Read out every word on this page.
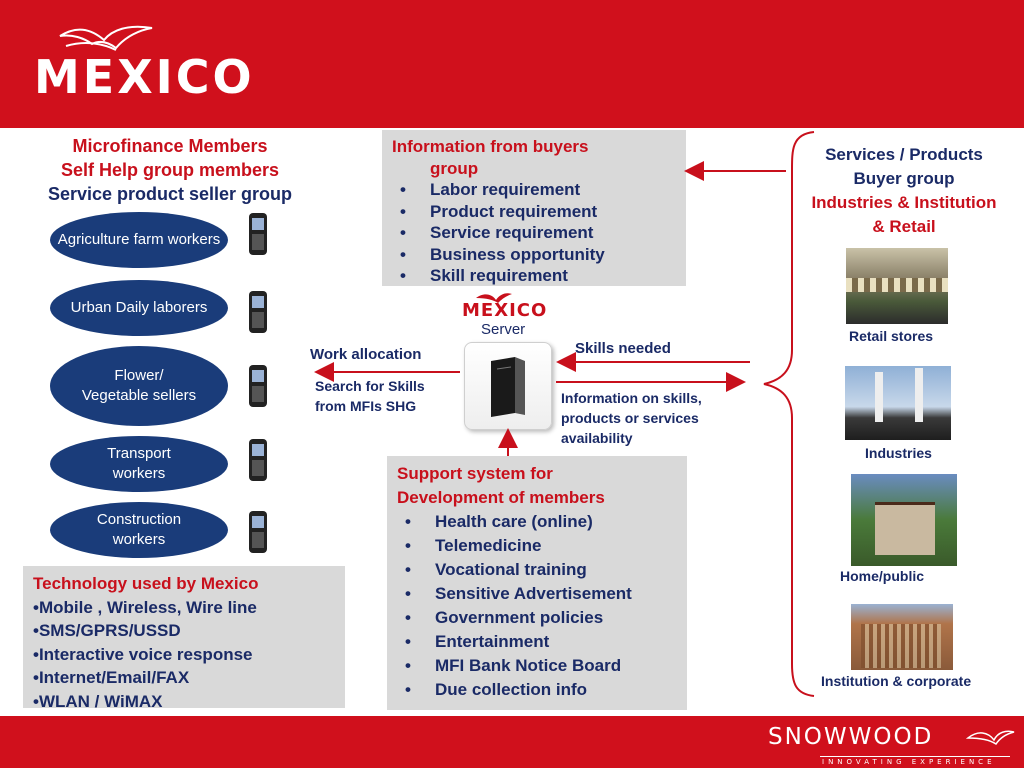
MEXICO
Microfinance Members
Self Help group members
Service product seller group
Agriculture farm workers
Urban Daily laborers
Flower/ Vegetable sellers
Transport workers
Construction workers
Technology used by Mexico
•Mobile , Wireless, Wire line
•SMS/GPRS/USSD
•Interactive voice response
•Internet/Email/FAX
•WLAN / WiMAX
Information from buyers
group
• Labor requirement
• Product requirement
• Service requirement
• Business opportunity
• Skill requirement
MEXICO
Server
Work allocation
Search for Skills from MFIs SHG
Skills needed
Information on skills, products or services availability
Support system for
Development of members
• Health care (online)
• Telemedicine
• Vocational training
• Sensitive Advertisement
• Government policies
• Entertainment
• MFI Bank Notice Board
• Due collection info
Services / Products
Buyer group
Industries & Institution
& Retail
Retail stores
Industries
Home/public
Institution & corporate
SNOWWOOD
INNOVATING EXPERIENCE
